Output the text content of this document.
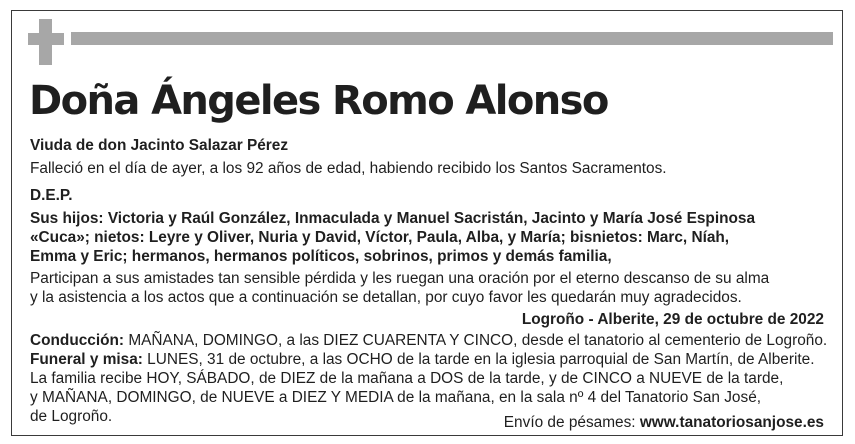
Doña Ángeles Romo Alonso

Viuda de don Jacinto Salazar Pérez

Falleció en el día de ayer, a los 92 años de edad, habiendo recibido los Santos Sacramentos.

D.E.P.

Sus hijos: Victoria y Raúl González, Inmaculada y Manuel Sacristán, Jacinto y María José Espinosa

«Cuca»; nietos: Leyre y Oliver, Nuria y David, Víctor, Paula, Alba, y María; bisnietos: Marc, Níah,

Emma y Eric; hermanos, hermanos políticos, sobrinos, primos y demás familia,

Participan a sus amistades tan sensible pérdida y les ruegan una oración por el eterno descanso de su alma

y la asistencia a los actos que a continuación se detallan, por cuyo favor les quedarán muy agradecidos.

Logroño - Alberite, 29 de octubre de 2022

Conducción: MAÑANA, DOMINGO, a las DIEZ CUARENTA Y CINCO, desde el tanatorio al cementerio de Logroño.

Funeral y misa: LUNES, 31 de octubre, a las OCHO de la tarde en la iglesia parroquial de San Martín, de Alberite.

La familia recibe HOY, SÁBADO, de DIEZ de la mañana a DOS de la tarde, y de CINCO a NUEVE de la tarde,

y MAÑANA, DOMINGO, de NUEVE a DIEZ Y MEDIA de la mañana, en la sala nº 4 del Tanatorio San José,

de Logroño.	Envío de pésames: www.tanatoriosanjose.es
